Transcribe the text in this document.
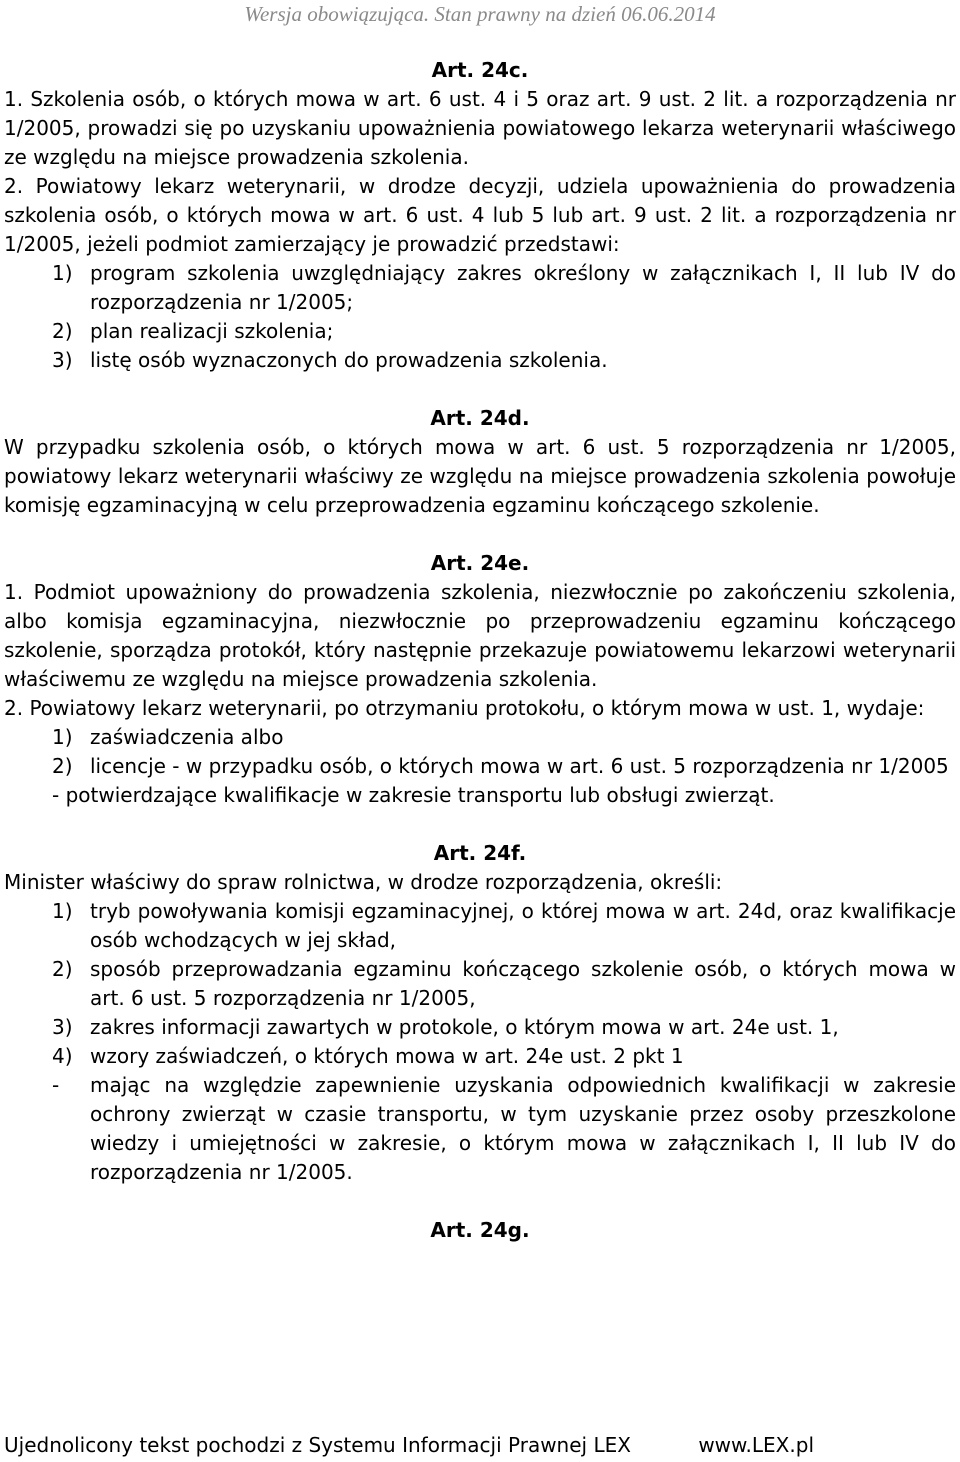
Wersja obowiązująca. Stan prawny na dzień 06.06.2014
Art. 24c.
1. Szkolenia osób, o których mowa w art. 6 ust. 4 i 5 oraz art. 9 ust. 2 lit. a rozporządzenia nr 1/2005, prowadzi się po uzyskaniu upoważnienia powiatowego lekarza weterynarii właściwego ze względu na miejsce prowadzenia szkolenia.
2. Powiatowy lekarz weterynarii, w drodze decyzji, udziela upoważnienia do prowadzenia szkolenia osób, o których mowa w art. 6 ust. 4 lub 5 lub art. 9 ust. 2 lit. a rozporządzenia nr 1/2005, jeżeli podmiot zamierzający je prowadzić przedstawi:
1) program szkolenia uwzględniający zakres określony w załącznikach I, II lub IV do rozporządzenia nr 1/2005;
2) plan realizacji szkolenia;
3) listę osób wyznaczonych do prowadzenia szkolenia.
Art. 24d.
W przypadku szkolenia osób, o których mowa w art. 6 ust. 5 rozporządzenia nr 1/2005, powiatowy lekarz weterynarii właściwy ze względu na miejsce prowadzenia szkolenia powołuje komisję egzaminacyjną w celu przeprowadzenia egzaminu kończącego szkolenie.
Art. 24e.
1. Podmiot upoważniony do prowadzenia szkolenia, niezwłocznie po zakończeniu szkolenia, albo komisja egzaminacyjna, niezwłocznie po przeprowadzeniu egzaminu kończącego szkolenie, sporządza protokół, który następnie przekazuje powiatowemu lekarzowi weterynarii właściwemu ze względu na miejsce prowadzenia szkolenia.
2. Powiatowy lekarz weterynarii, po otrzymaniu protokołu, o którym mowa w ust. 1, wydaje:
1) zaświadczenia albo
2) licencje - w przypadku osób, o których mowa w art. 6 ust. 5 rozporządzenia nr 1/2005
- potwierdzające kwalifikacje w zakresie transportu lub obsługi zwierząt.
Art. 24f.
Minister właściwy do spraw rolnictwa, w drodze rozporządzenia, określi:
1) tryb powoływania komisji egzaminacyjnej, o której mowa w art. 24d, oraz kwalifikacje osób wchodzących w jej skład,
2) sposób przeprowadzania egzaminu kończącego szkolenie osób, o których mowa w art. 6 ust. 5 rozporządzenia nr 1/2005,
3) zakres informacji zawartych w protokole, o którym mowa w art. 24e ust. 1,
4) wzory zaświadczeń, o których mowa w art. 24e ust. 2 pkt 1
-	mając na względzie zapewnienie uzyskania odpowiednich kwalifikacji w zakresie ochrony zwierząt w czasie transportu, w tym uzyskanie przez osoby przeszkolone wiedzy i umiejętności w zakresie, o którym mowa w załącznikach I, II lub IV do rozporządzenia nr 1/2005.
Art. 24g.
Ujednolicony tekst pochodzi z Systemu Informacji Prawnej LEX	www.LEX.pl
